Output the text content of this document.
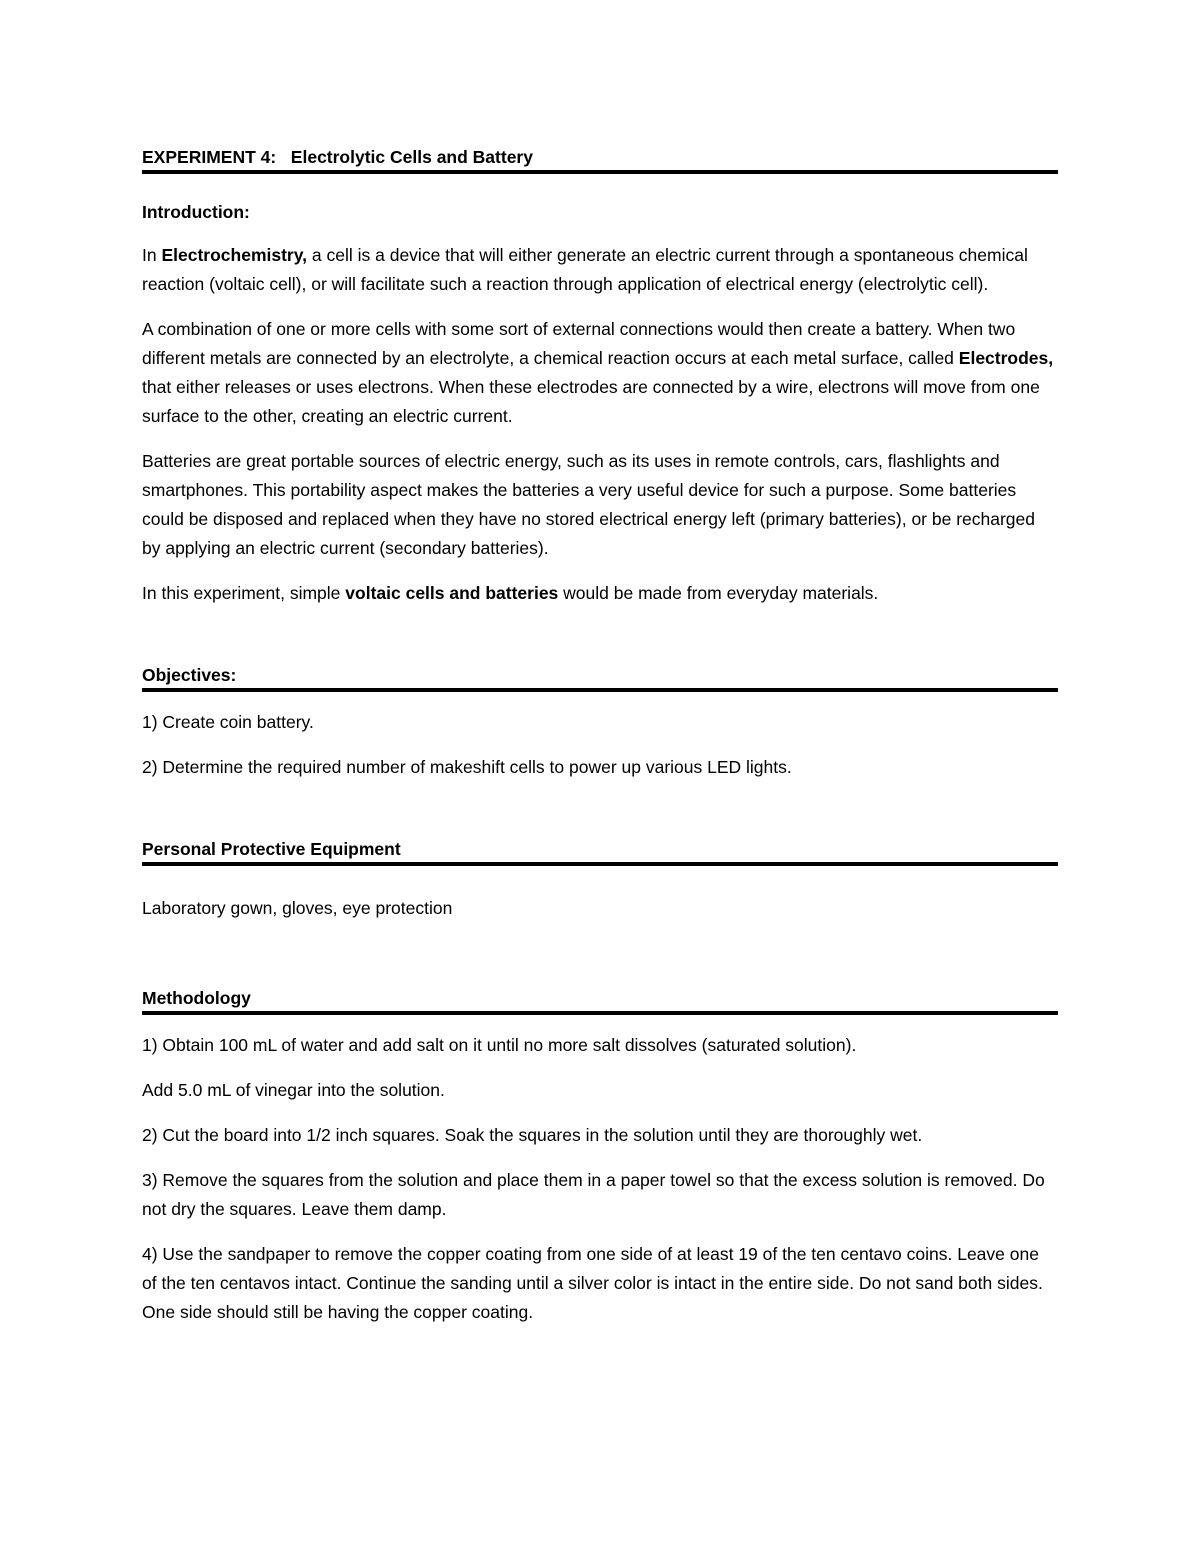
EXPERIMENT 4: Electrolytic Cells and Battery
Introduction:

In Electrochemistry, a cell is a device that will either generate an electric current through a spontaneous chemical reaction (voltaic cell), or will facilitate such a reaction through application of electrical energy (electrolytic cell).

A combination of one or more cells with some sort of external connections would then create a battery. When two different metals are connected by an electrolyte, a chemical reaction occurs at each metal surface, called Electrodes, that either releases or uses electrons. When these electrodes are connected by a wire, electrons will move from one surface to the other, creating an electric current.

Batteries are great portable sources of electric energy, such as its uses in remote controls, cars, flashlights and smartphones. This portability aspect makes the batteries a very useful device for such a purpose. Some batteries could be disposed and replaced when they have no stored electrical energy left (primary batteries), or be recharged by applying an electric current (secondary batteries).

In this experiment, simple voltaic cells and batteries would be made from everyday materials.

Objectives:

1) Create coin battery.

2) Determine the required number of makeshift cells to power up various LED lights.

Personal Protective Equipment

Laboratory gown, gloves, eye protection

Methodology

1) Obtain 100 mL of water and add salt on it until no more salt dissolves (saturated solution).

Add 5.0 mL of vinegar into the solution.

2) Cut the board into 1/2 inch squares. Soak the squares in the solution until they are thoroughly wet.

3) Remove the squares from the solution and place them in a paper towel so that the excess solution is removed. Do not dry the squares. Leave them damp.

4) Use the sandpaper to remove the copper coating from one side of at least 19 of the ten centavo coins. Leave one of the ten centavos intact. Continue the sanding until a silver color is intact in the entire side. Do not sand both sides. One side should still be having the copper coating.
